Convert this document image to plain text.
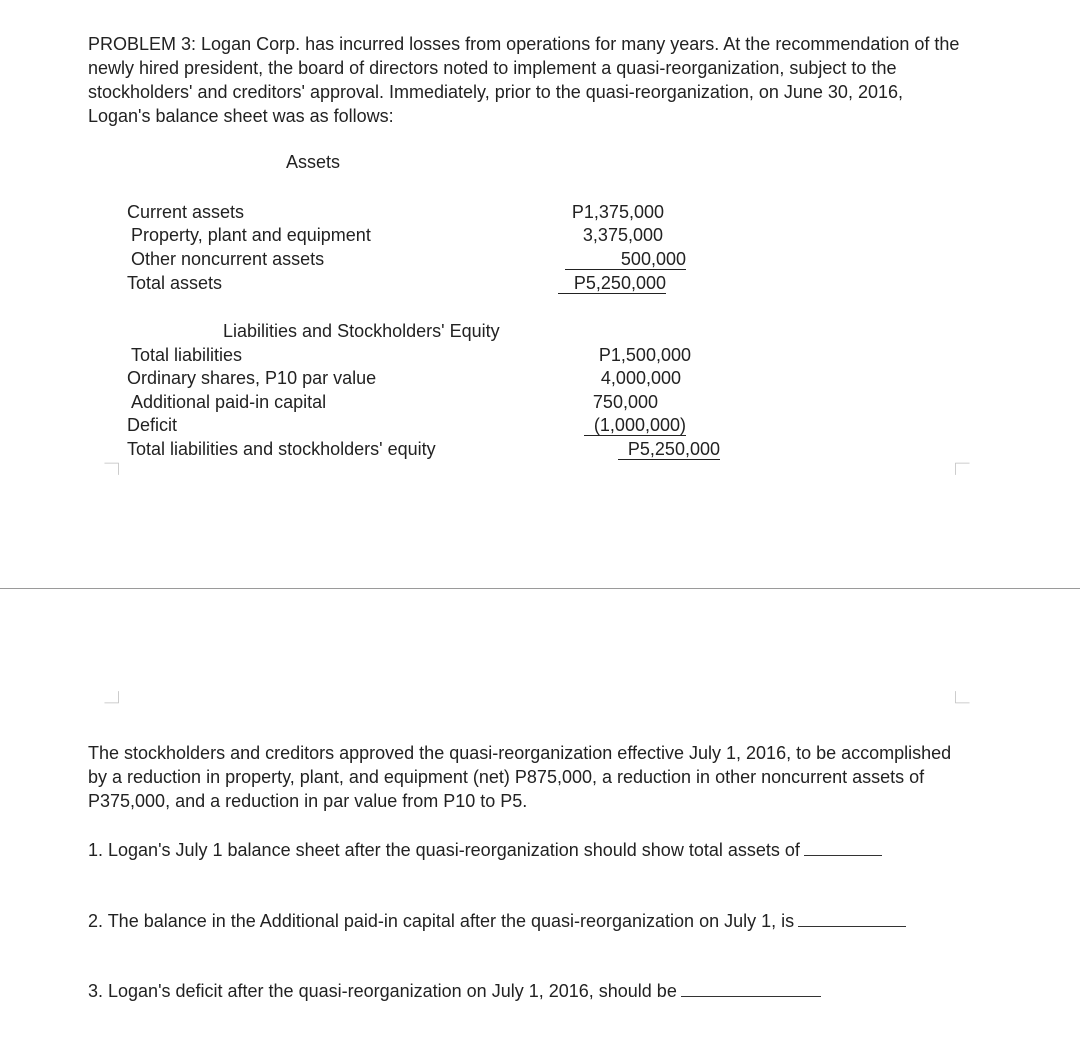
PROBLEM 3: Logan Corp. has incurred losses from operations for many years. At the recommendation of the
newly hired president, the board of directors noted to implement a quasi-reorganization, subject to the
stockholders' and creditors' approval. Immediately, prior to the quasi-reorganization, on June 30, 2016,
Logan's balance sheet was as follows:
Assets
Current assets	P1,375,000
Property, plant and equipment	3,375,000
Other noncurrent assets	500,000
Total assets	P5,250,000
Liabilities and Stockholders' Equity
Total liabilities	P1,500,000
Ordinary shares, P10 par value	4,000,000
Additional paid-in capital	750,000
Deficit	(1,000,000)
Total liabilities and stockholders' equity	P5,250,000
The stockholders and creditors approved the quasi-reorganization effective July 1, 2016, to be accomplished
by a reduction in property, plant, and equipment (net) P875,000, a reduction in other noncurrent assets of
P375,000, and a reduction in par value from P10 to P5.
1. Logan's July 1 balance sheet after the quasi-reorganization should show total assets of
2. The balance in the Additional paid-in capital after the quasi-reorganization on July 1, is
3. Logan's deficit after the quasi-reorganization on July 1, 2016, should be
